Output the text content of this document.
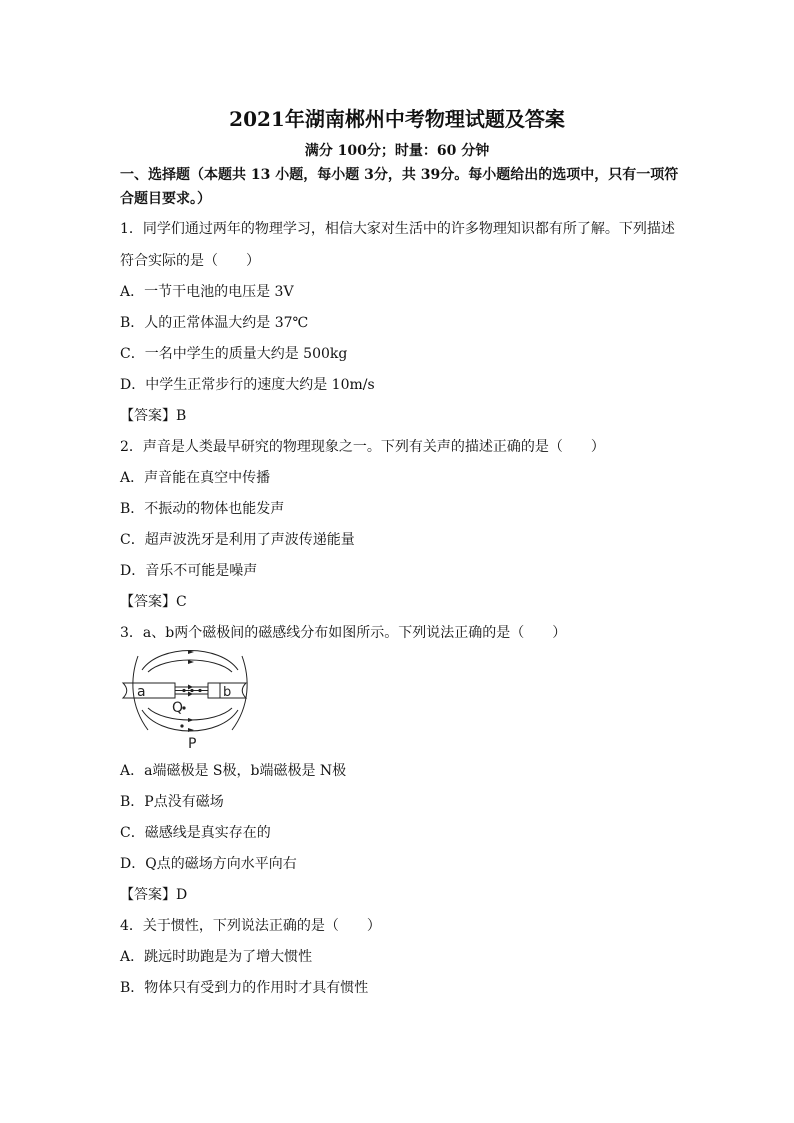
2021年湖南郴州中考物理试题及答案
满分 100分；时量：60 分钟
一、选择题（本题共 13 小题，每小题 3分，共 39分。每小题给出的选项中，只有一项符
合题目要求。）
1．同学们通过两年的物理学习，相信大家对生活中的许多物理知识都有所了解。下列描述
符合实际的是（　　）
A．一节干电池的电压是 3V
B．人的正常体温大约是 37℃
C．一名中学生的质量大约是 500kg
D．中学生正常步行的速度大约是 10m/s
【答案】B
2．声音是人类最早研究的物理现象之一。下列有关声的描述正确的是（　　）
A．声音能在真空中传播
B．不振动的物体也能发声
C．超声波洗牙是利用了声波传递能量
D．音乐不可能是噪声
【答案】C
3．a、b两个磁极间的磁感线分布如图所示。下列说法正确的是（　　）
a	b
Q
P
A．a端磁极是 S极，b端磁极是 N极
B．P点没有磁场
C．磁感线是真实存在的
D．Q点的磁场方向水平向右
【答案】D
4．关于惯性，下列说法正确的是（　　）
A．跳远时助跑是为了增大惯性
B．物体只有受到力的作用时才具有惯性
